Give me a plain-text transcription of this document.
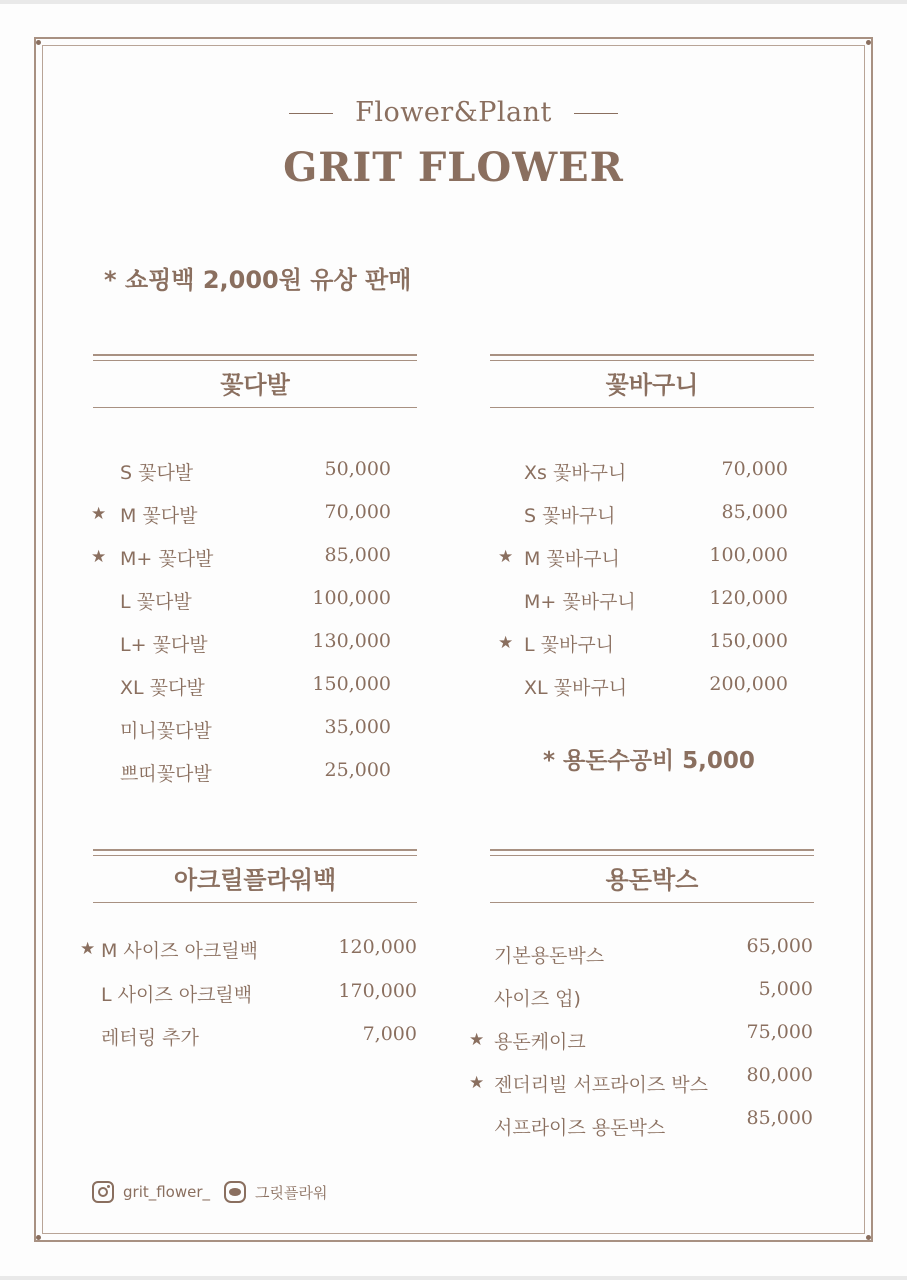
Flower&Plant
GRIT FLOWER
* 쇼핑백 2,000원 유상 판매
꽃다발
S 꽃다발	50,000
★ M 꽃다발	70,000
★ M+ 꽃다발	85,000
L 꽃다발	100,000
L+ 꽃다발	130,000
XL 꽃다발	150,000
미니꽃다발	35,000
쁘띠꽃다발	25,000
꽃바구니
Xs 꽃바구니	70,000
S 꽃바구니	85,000
★ M 꽃바구니	100,000
M+ 꽃바구니	120,000
★ L 꽃바구니	150,000
XL 꽃바구니	200,000
* 용돈수공비 5,000
아크릴플라워백
★ M 사이즈 아크릴백	120,000
L 사이즈 아크릴백	170,000
레터링 추가	7,000
용돈박스
기본용돈박스	65,000
사이즈 업)	5,000
★ 용돈케이크	75,000
★ 젠더리빌 서프라이즈 박스 80,000
서프라이즈 용돈박스	85,000
grit_flower_	그릿플라워
